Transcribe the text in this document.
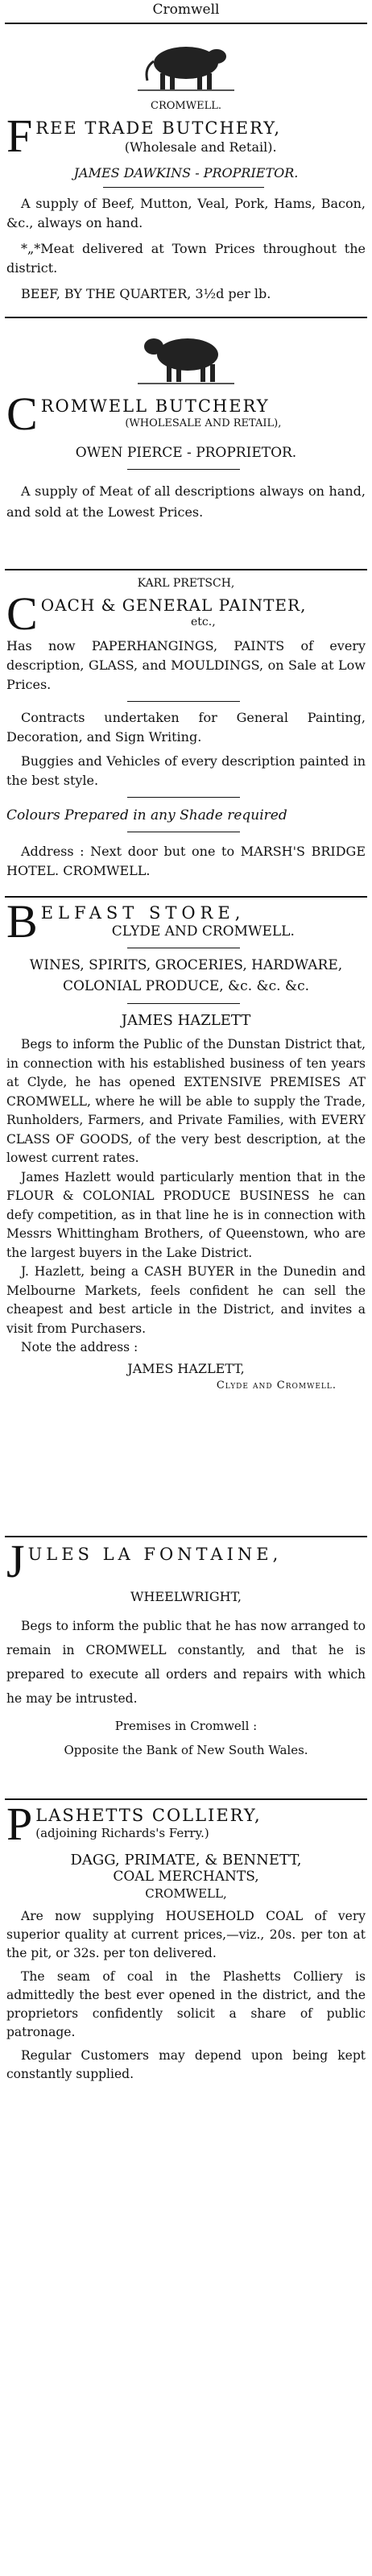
Cromwell
CROMWELL.
F REE TRADE BUTCHERY,
(Wholesale and Retail).
JAMES DAWKINS - PROPRIETOR.

A supply of Beef, Mutton, Veal, Pork, Hams, Bacon, &c., always on hand.

*„*Meat delivered at Town Prices throughout the district.

BEEF, BY THE QUARTER, 3½d per lb.

C ROMWELL BUTCHERY
(WHOLESALE AND RETAIL),
OWEN PIERCE - PROPRIETOR.

A supply of Meat of all descriptions always on hand, and sold at the Lowest Prices.

KARL PRETSCH,
C OACH & GENERAL PAINTER,
etc.,

Has now PAPERHANGINGS, PAINTS of every description, GLASS, and MOULDINGS, on Sale at Low Prices.

Contracts undertaken for General Painting, Decoration, and Sign Writing.

Buggies and Vehicles of every description painted in the best style.

Colours Prepared in any Shade required

Address : Next door but one to MARSH'S BRIDGE HOTEL. CROMWELL.

B ELFAST STORE,
CLYDE AND CROMWELL.

WINES, SPIRITS, GROCERIES, HARDWARE, COLONIAL PRODUCE, &c. &c. &c.

JAMES HAZLETT

Begs to inform the Public of the Dunstan District that, in connection with his established business of ten years at Clyde, he has opened EXTENSIVE PREMISES AT CROMWELL, where he will be able to supply the Trade, Runholders, Farmers, and Private Families, with EVERY CLASS OF GOODS, of the very best description, at the lowest current rates.

James Hazlett would particularly mention that in the FLOUR & COLONIAL PRODUCE BUSINESS he can defy competition, as in that line he is in connection with Messrs Whittingham Brothers, of Queenstown, who are the largest buyers in the Lake District.

J. Hazlett, being a CASH BUYER in the Dunedin and Melbourne Markets, feels confident he can sell the cheapest and best article in the District, and invites a visit from Purchasers.

Note the address :

JAMES HAZLETT,
Clyde and Cromwell.
J ULES LA FONTAINE,
WHEELWRIGHT,

Begs to inform the public that he has now arranged to remain in CROMWELL constantly, and that he is prepared to execute all orders and repairs with which he may be intrusted.

Premises in Cromwell :
Opposite the Bank of New South Wales.
P LASHETTS COLLIERY,
(adjoining Richards's Ferry.)
DAGG, PRIMATE, & BENNETT,
COAL MERCHANTS,
CROMWELL,

Are now supplying HOUSEHOLD COAL of very superior quality at current prices,—viz., 20s. per ton at the pit, or 32s. per ton delivered.

The seam of coal in the Plashetts Colliery is admittedly the best ever opened in the district, and the proprietors confidently solicit a share of public patronage.

Regular Customers may depend upon being kept constantly supplied.
